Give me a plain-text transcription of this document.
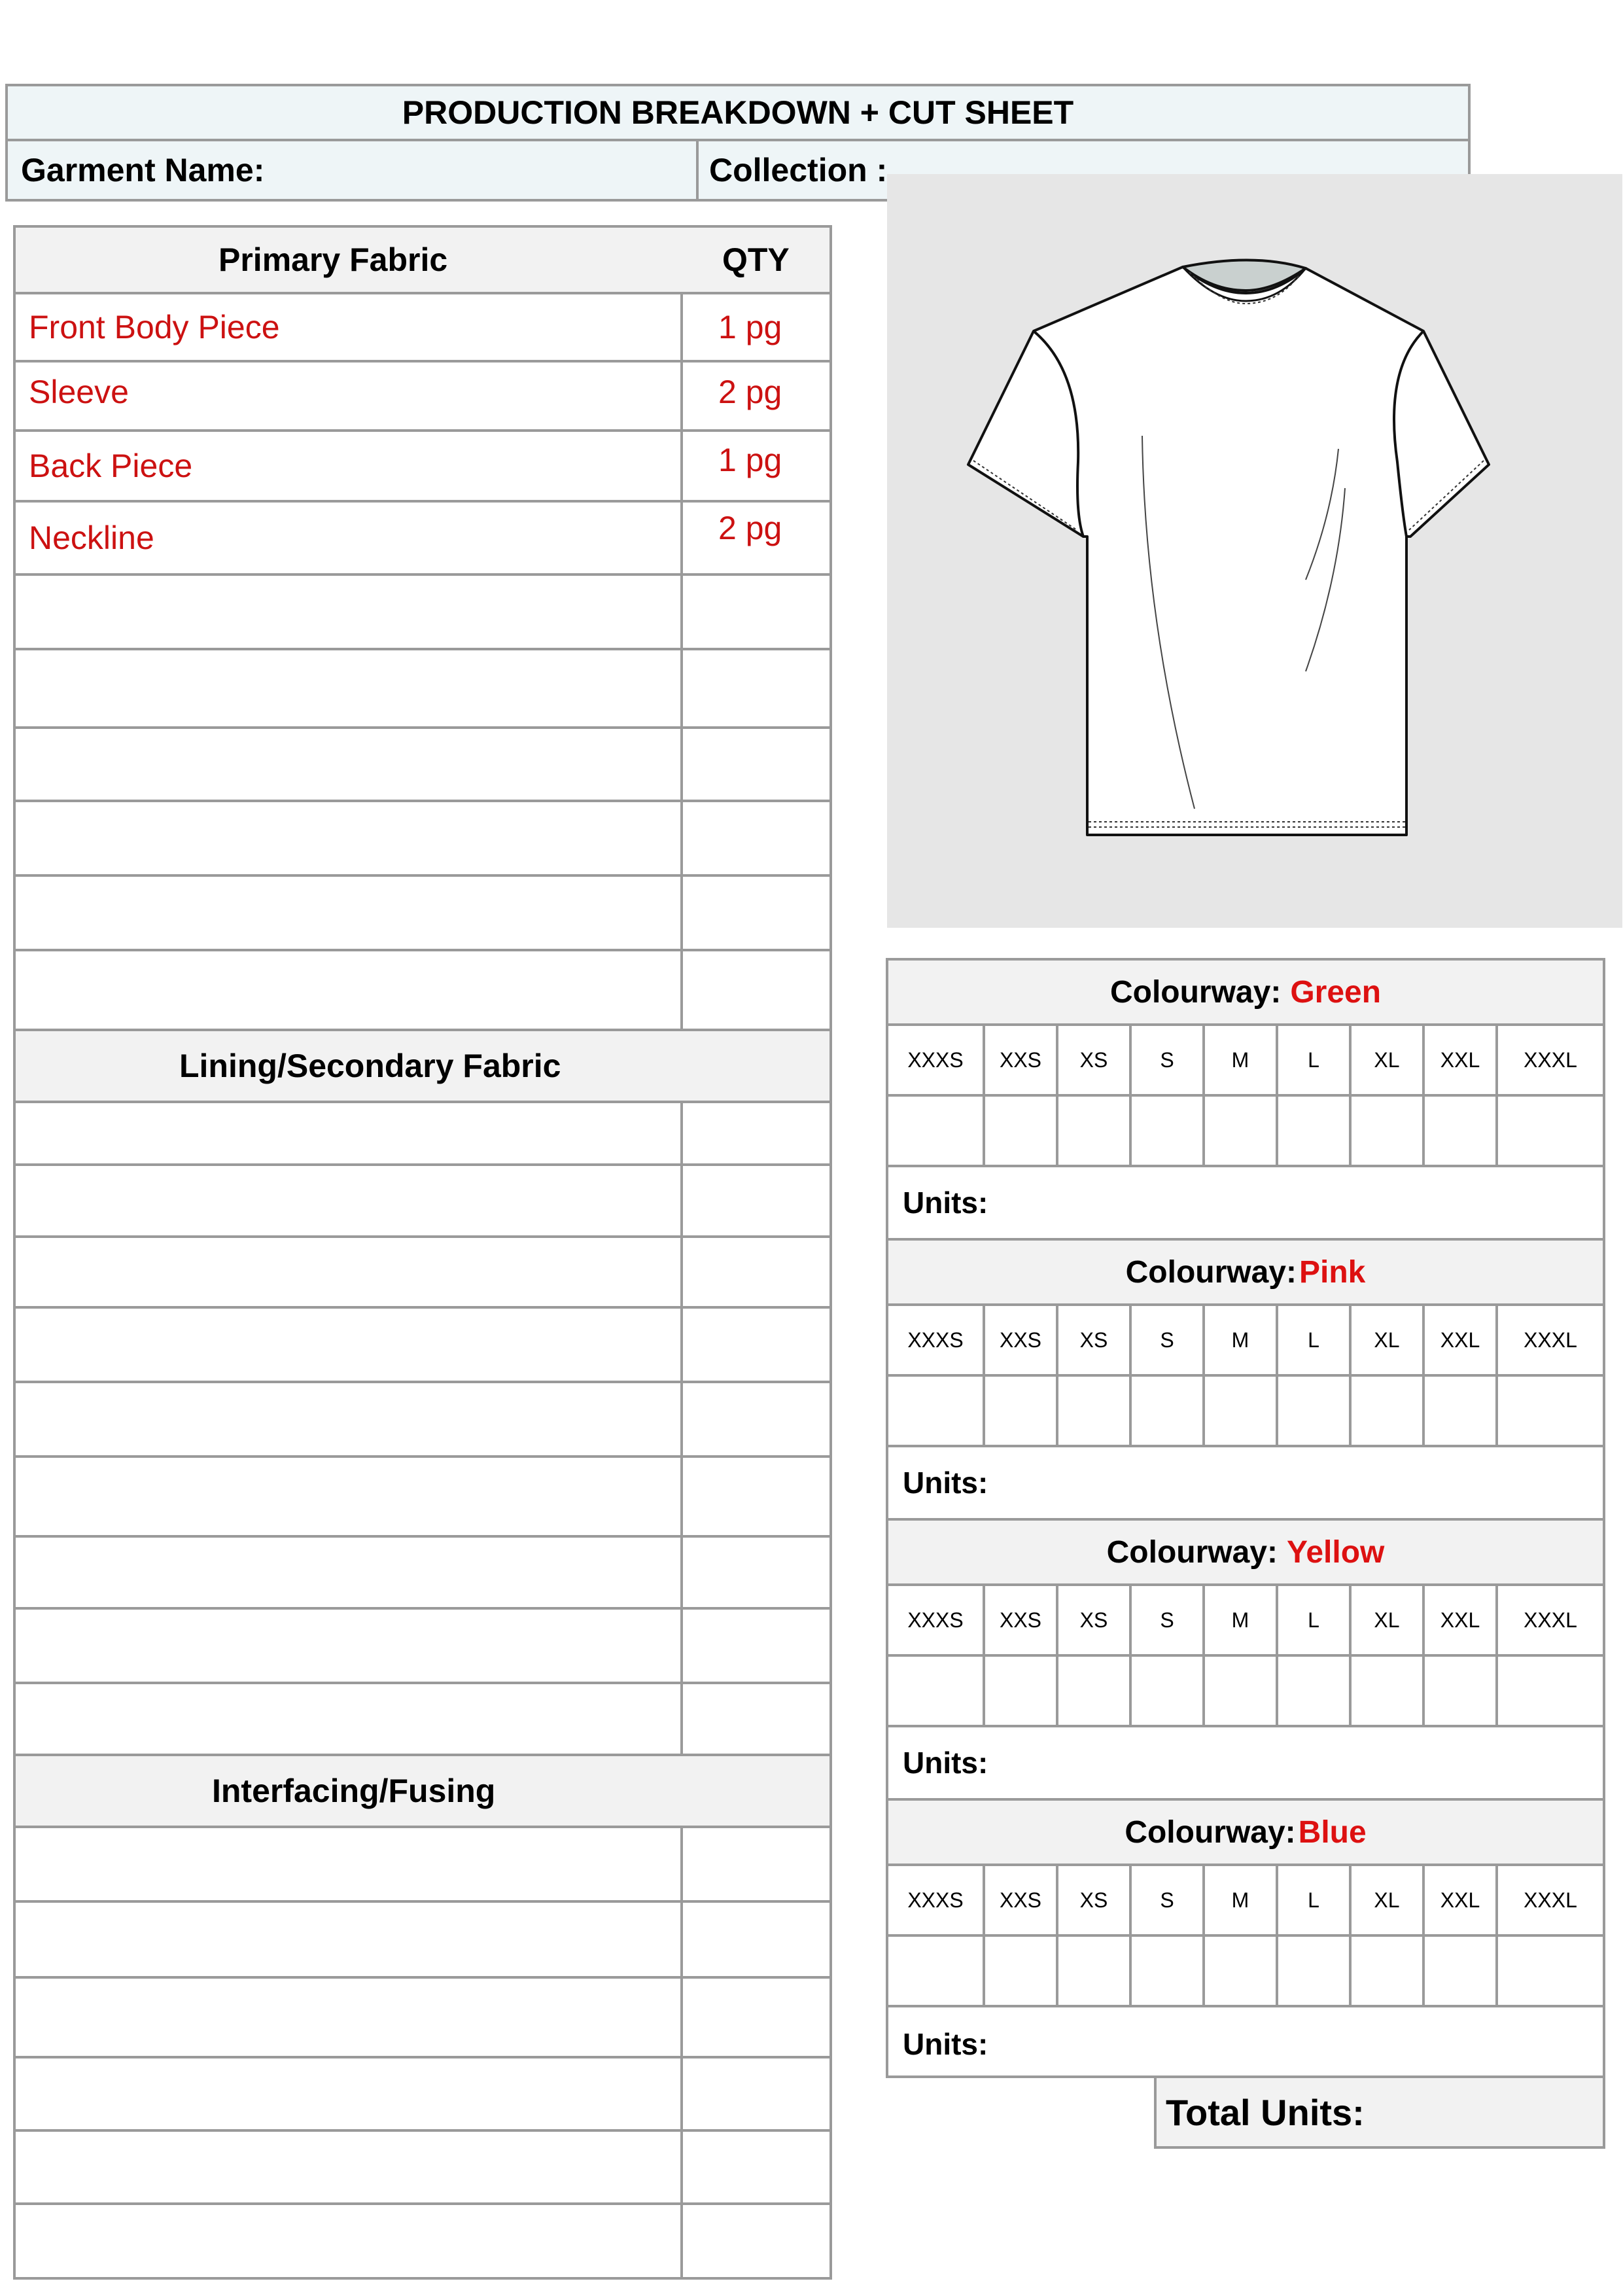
PRODUCTION BREAKDOWN + CUT SHEET
Garment Name:	Collection :
Primary Fabric	QTY
Front Body Piece	1 pg
Sleeve	2 pg
Back Piece	1 pg
Neckline	2 pg
Lining/Secondary Fabric
Interfacing/Fusing
Colourway: Green
XXXS	XXS	XS	S	M	L	XL	XXL	XXXL
Units:
Colourway: Pink
XXXS	XXS	XS	S	M	L	XL	XXL	XXXL
Units:
Colourway: Yellow
XXXS	XXS	XS	S	M	L	XL	XXL	XXXL
Units:
Colourway: Blue
XXXS	XXS	XS	S	M	L	XL	XXL	XXXL
Units:
Total Units:
